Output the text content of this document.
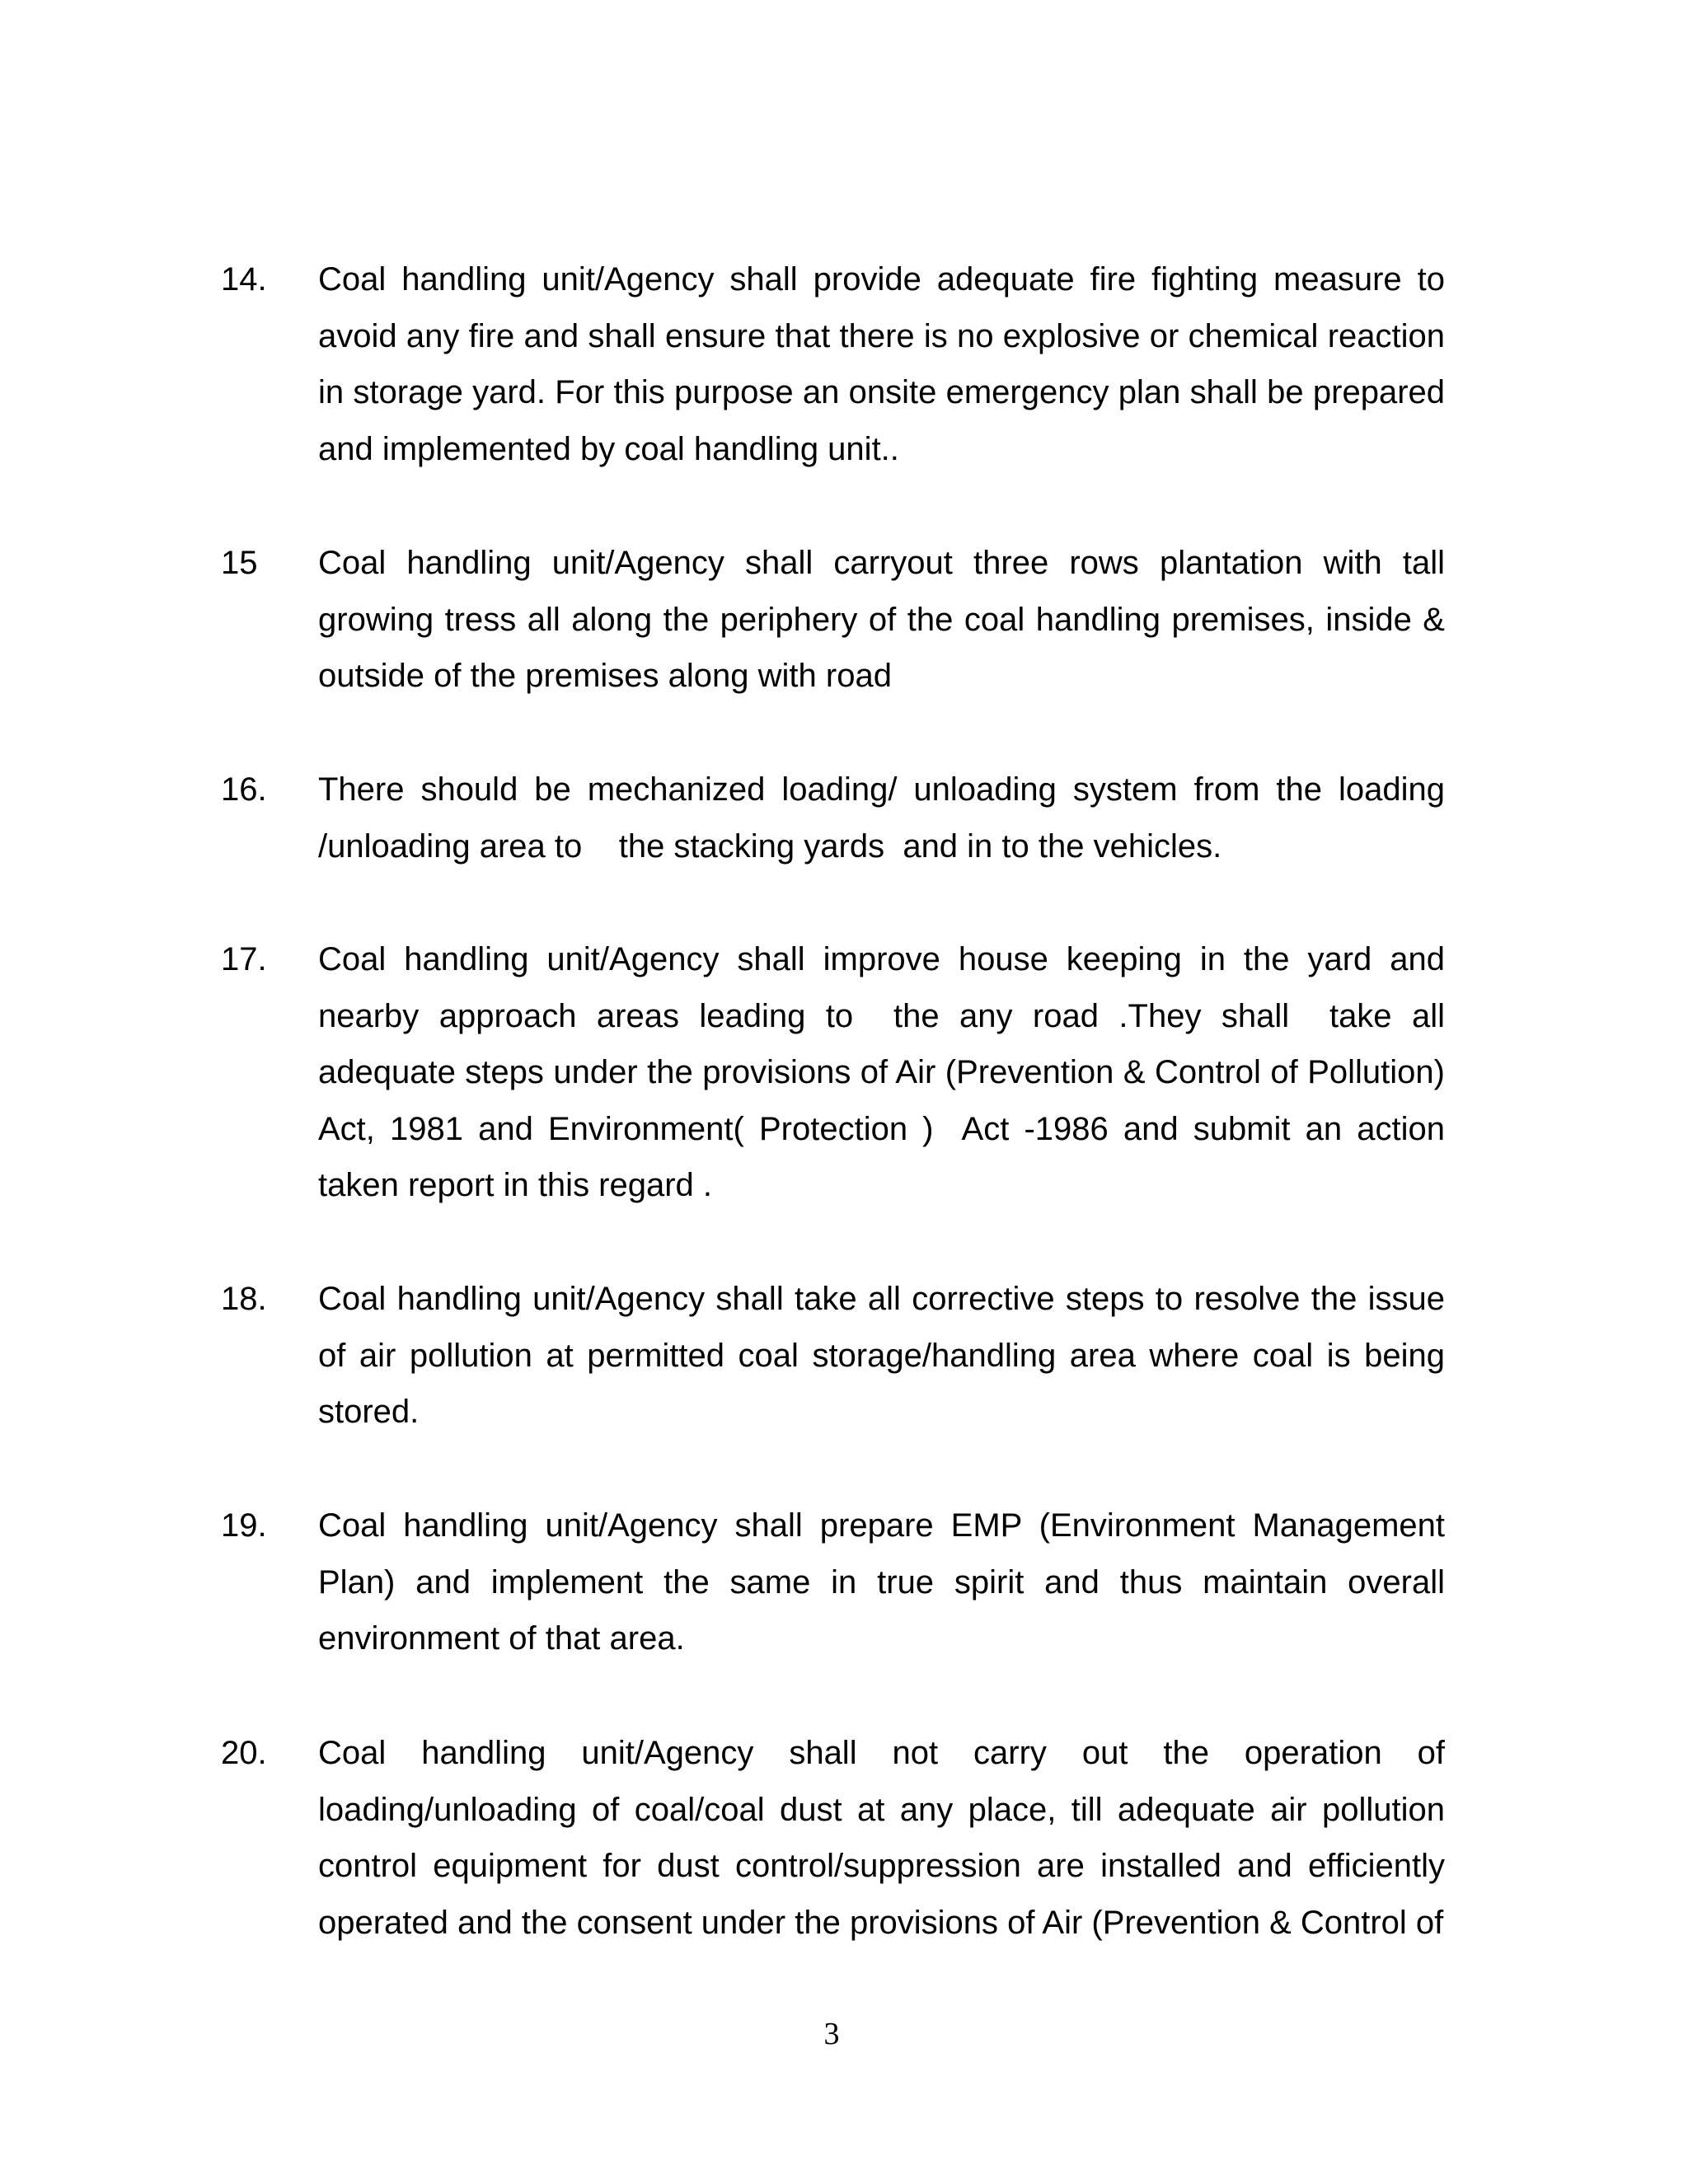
14.	Coal handling unit/Agency shall provide adequate fire fighting measure to avoid any fire and shall ensure that there is no explosive or chemical reaction in storage yard. For this purpose an onsite emergency plan shall be prepared and implemented by coal handling unit..
15	Coal handling unit/Agency shall carryout three rows plantation with tall growing tress all along the periphery of the coal handling premises, inside & outside of the premises along with road
16.	There should be mechanized loading/ unloading system from the loading /unloading area to    the stacking yards  and in to the vehicles.
17.	Coal handling unit/Agency shall improve house keeping in the yard and nearby approach areas leading to  the any road .They shall  take all adequate steps under the provisions of Air (Prevention & Control of Pollution) Act, 1981 and Environment( Protection )  Act -1986 and submit an action taken report in this regard .
18.	Coal handling unit/Agency shall take all corrective steps to resolve the issue of air pollution at permitted coal storage/handling area where coal is being stored.
19.	Coal handling unit/Agency shall prepare EMP (Environment Management Plan) and implement the same in true spirit and thus maintain overall environment of that area.
20.	Coal handling unit/Agency shall not carry out the operation of loading/unloading of coal/coal dust at any place, till adequate air pollution control equipment for dust control/suppression are installed and efficiently operated and the consent under the provisions of Air (Prevention & Control of
3
